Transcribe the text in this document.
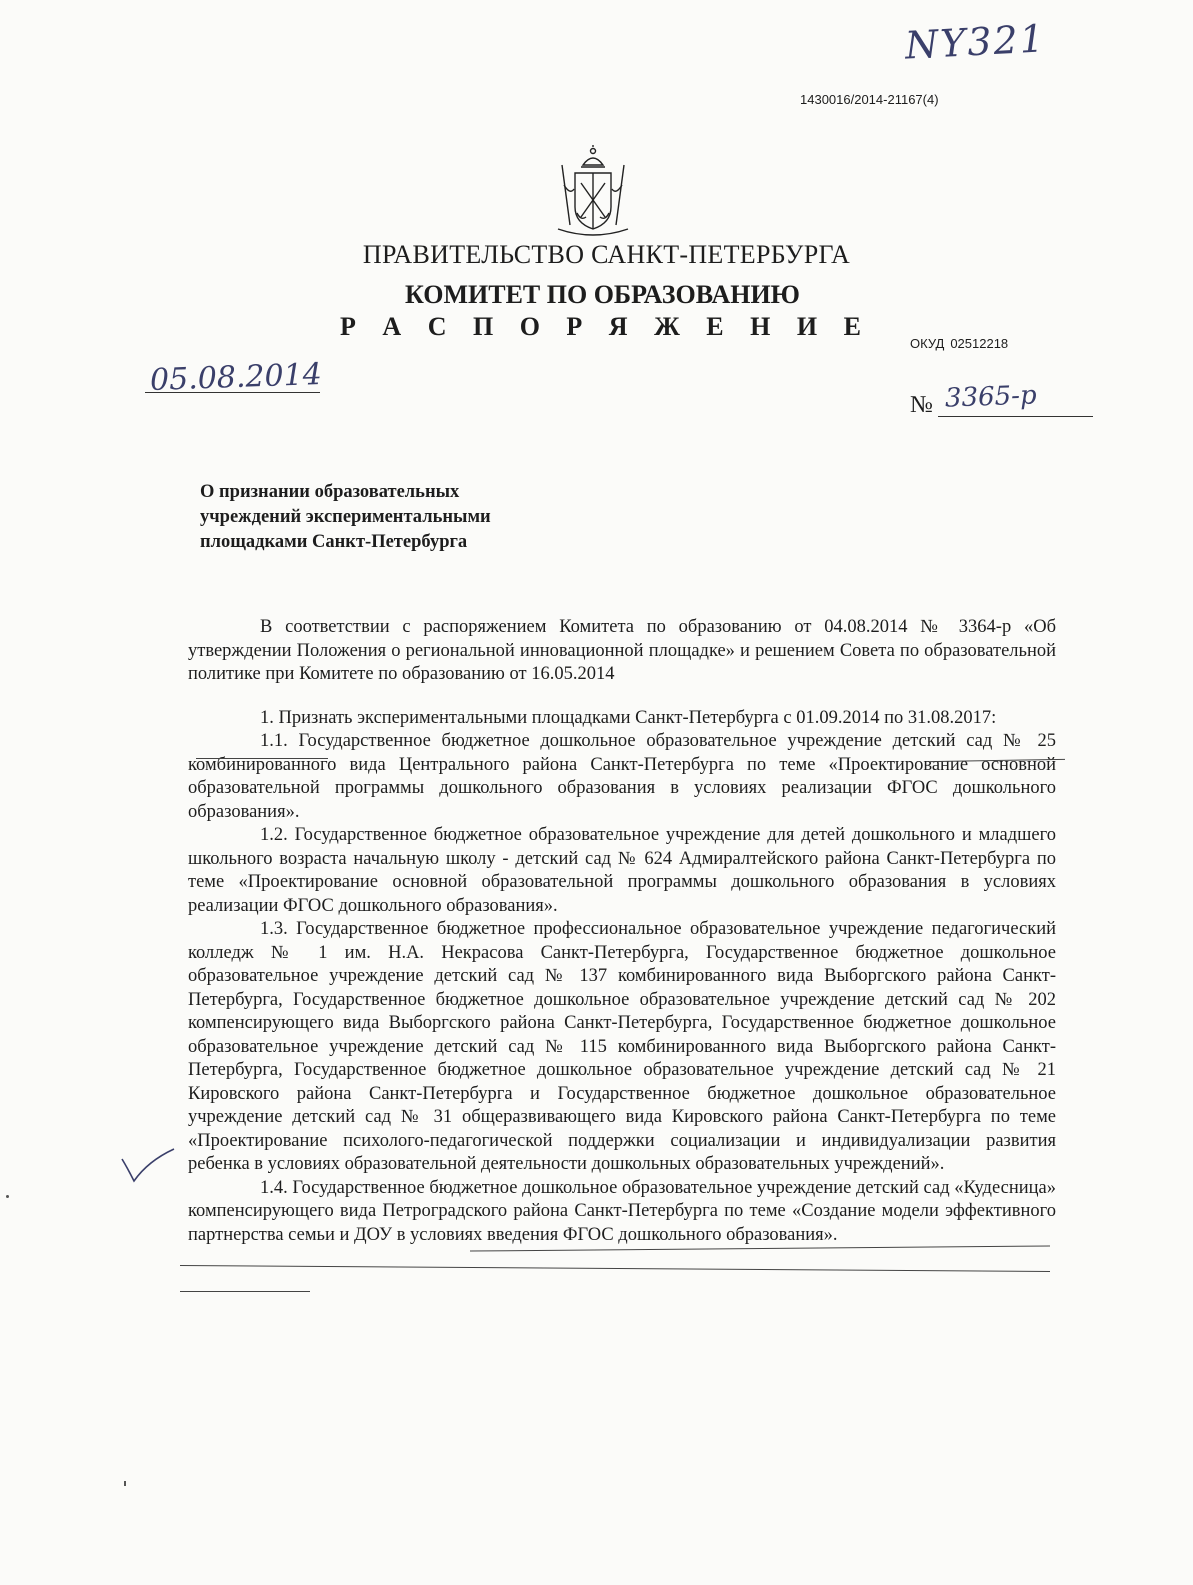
NY321
1430016/2014-21167(4)
ПРАВИТЕЛЬСТВО САНКТ-ПЕТЕРБУРГА
КОМИТЕТ ПО ОБРАЗОВАНИЮ
Р А С П О Р Я Ж Е Н И Е
ОКУД 02512218
05.08.2014
№ 3365-р
О признании образовательных
учреждений экспериментальными
площадками Санкт-Петербурга

В соответствии с распоряжением Комитета по образованию от 04.08.2014 № 3364-р «Об утверждении Положения о региональной инновационной площадке» и решением Совета по образовательной политике при Комитете по образованию от 16.05.2014

1. Признать экспериментальными площадками Санкт-Петербурга с 01.09.2014 по 31.08.2017:

1.1. Государственное бюджетное дошкольное образовательное учреждение детский сад № 25 комбинированного вида Центрального района Санкт-Петербурга по теме «Проектирование основной образовательной программы дошкольного образования в условиях реализации ФГОС дошкольного образования».

1.2. Государственное бюджетное образовательное учреждение для детей дошкольного и младшего школьного возраста начальную школу - детский сад № 624 Адмиралтейского района Санкт-Петербурга по теме «Проектирование основной образовательной программы дошкольного образования в условиях реализации ФГОС дошкольного образования».

1.3. Государственное бюджетное профессиональное образовательное учреждение педагогический колледж № 1 им. Н.А. Некрасова Санкт-Петербурга, Государственное бюджетное дошкольное образовательное учреждение детский сад № 137 комбинированного вида Выборгского района Санкт-Петербурга, Государственное бюджетное дошкольное образовательное учреждение детский сад № 202 компенсирующего вида Выборгского района Санкт-Петербурга, Государственное бюджетное дошкольное образовательное учреждение детский сад № 115 комбинированного вида Выборгского района Санкт-Петербурга, Государственное бюджетное дошкольное образовательное учреждение детский сад № 21 Кировского района Санкт-Петербурга и Государственное бюджетное дошкольное образовательное учреждение детский сад № 31 общеразвивающего вида Кировского района Санкт-Петербурга по теме «Проектирование психолого-педагогической поддержки социализации и индивидуализации развития ребенка в условиях образовательной деятельности дошкольных образовательных учреждений».

1.4. Государственное бюджетное дошкольное образовательное учреждение детский сад «Кудесница» компенсирующего вида Петроградского района Санкт-Петербурга по теме «Создание модели эффективного партнерства семьи и ДОУ в условиях введения ФГОС дошкольного образования».
